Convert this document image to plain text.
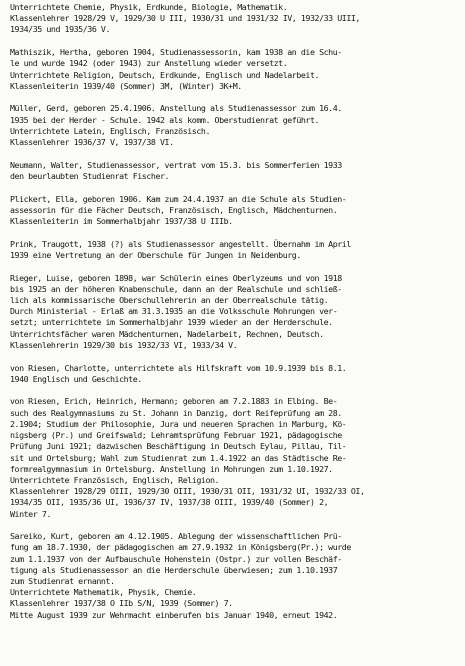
Unterrichtete Chemie, Physik, Erdkunde, Biologie, Mathematik.
Klassenlehrer 1928/29 V, 1929/30 U III, 1930/31 und 1931/32 IV, 1932/33 UIII,
1934/35 und 1935/36 V.
Mathiszik, Hertha, geboren 1904, Studienassessorin, kam 1938 an die Schu-
le und wurde 1942 (oder 1943) zur Anstellung wieder versetzt.
Unterrichtete Religion, Deutsch, Erdkunde, Englisch und Nadelarbeit.
Klassenleiterin 1939/40 (Sommer) 3M, (Winter) 3K+M.
Müller, Gerd, geboren 25.4.1906. Anstellung als Studienassessor zum 16.4.
1935 bei der Herder - Schule. 1942 als komm. Oberstudienrat geführt.
Unterrichtete Latein, Englisch, Französisch.
Klassenlehrer 1936/37 V, 1937/38 VI.
Neumann, Walter, Studienassessor, vertrat vom 15.3. bis Sommerferien 1933
den beurlaubten Studienrat Fischer.
Plickert, Ella, geboren 1906. Kam zum 24.4.1937 an die Schule als Studien-
assessorin für die Fächer Deutsch, Französisch, Englisch, Mädchenturnen.
Klassenleiterin im Sommerhalbjahr 1937/38 U IIIb.
Prink, Traugott, 1938 (?) als Studienassessor angestellt. Übernahm im April
1939 eine Vertretung an der Oberschule für Jungen in Neidenburg.
Rieger, Luise, geboren 1898, war Schülerin eines Oberlyzeums und von 1918
bis 1925 an der höheren Knabenschule, dann an der Realschule und schließ-
lich als kommissarische Oberschullehrerin an der Oberrealschule tätig.
Durch Ministerial - Erlaß am 31.3.1935 an die Volksschule Mohrungen ver-
setzt; unterrichtete im Sommerhalbjahr 1939 wieder an der Herderschule.
Unterrichtsfächer waren Mädchenturnen, Nadelarbeit, Rechnen, Deutsch.
Klassenlehrerin 1929/30 bis 1932/33 VI, 1933/34 V.
von Riesen, Charlotte, unterrichtete als Hilfskraft vom 10.9.1939 bis 8.1.
1940 Englisch und Geschichte.
von Riesen, Erich, Heinrich, Hermann; geboren am 7.2.1883 in Elbing. Be-
such des Realgymnasiums zu St. Johann in Danzig, dort Reifeprüfung am 28.
2.1904; Studium der Philosophie, Jura und neueren Sprachen in Marburg, Kö-
nigsberg (Pr.) und Greifswald; Lehramtsprüfung Februar 1921, pädagogische
Prüfung Juni 1921; dazwischen Beschäftigung in Deutsch Eylau, Pillau, Til-
sit und Ortelsburg; Wahl zum Studienrat zum 1.4.1922 an das Städtische Re-
formrealgymnasium in Ortelsburg. Anstellung in Mohrungen zum 1.10.1927.
Unterrichtete Französisch, Englisch, Religion.
Klassenlehrer 1928/29 OIII, 1929/30 OIII, 1930/31 OII, 1931/32 UI, 1932/33 OI,
1934/35 OII, 1935/36 UI, 1936/37 IV, 1937/38 OIII, 1939/40 (Sommer) 2,
Winter 7.
Sareiko, Kurt, geboren am 4.12.1905. Ablegung der wissenschaftlichen Prü-
fung am 18.7.1930, der pädagogischen am 27.9.1932 in Königsberg(Pr.); wurde
zum 1.1.1937 von der Aufbauschule Hohenstein (Ostpr.) zur vollen Beschäf-
tigung als Studienassessor an die Herderschule überwiesen; zum 1.10.1937
zum Studienrat ernannt.
Unterrichtete Mathematik, Physik, Chemie.
Klassenlehrer 1937/38 O IIb S/N, 1939 (Sommer) 7.
Mitte August 1939 zur Wehrmacht einberufen bis Januar 1940, erneut 1942.
